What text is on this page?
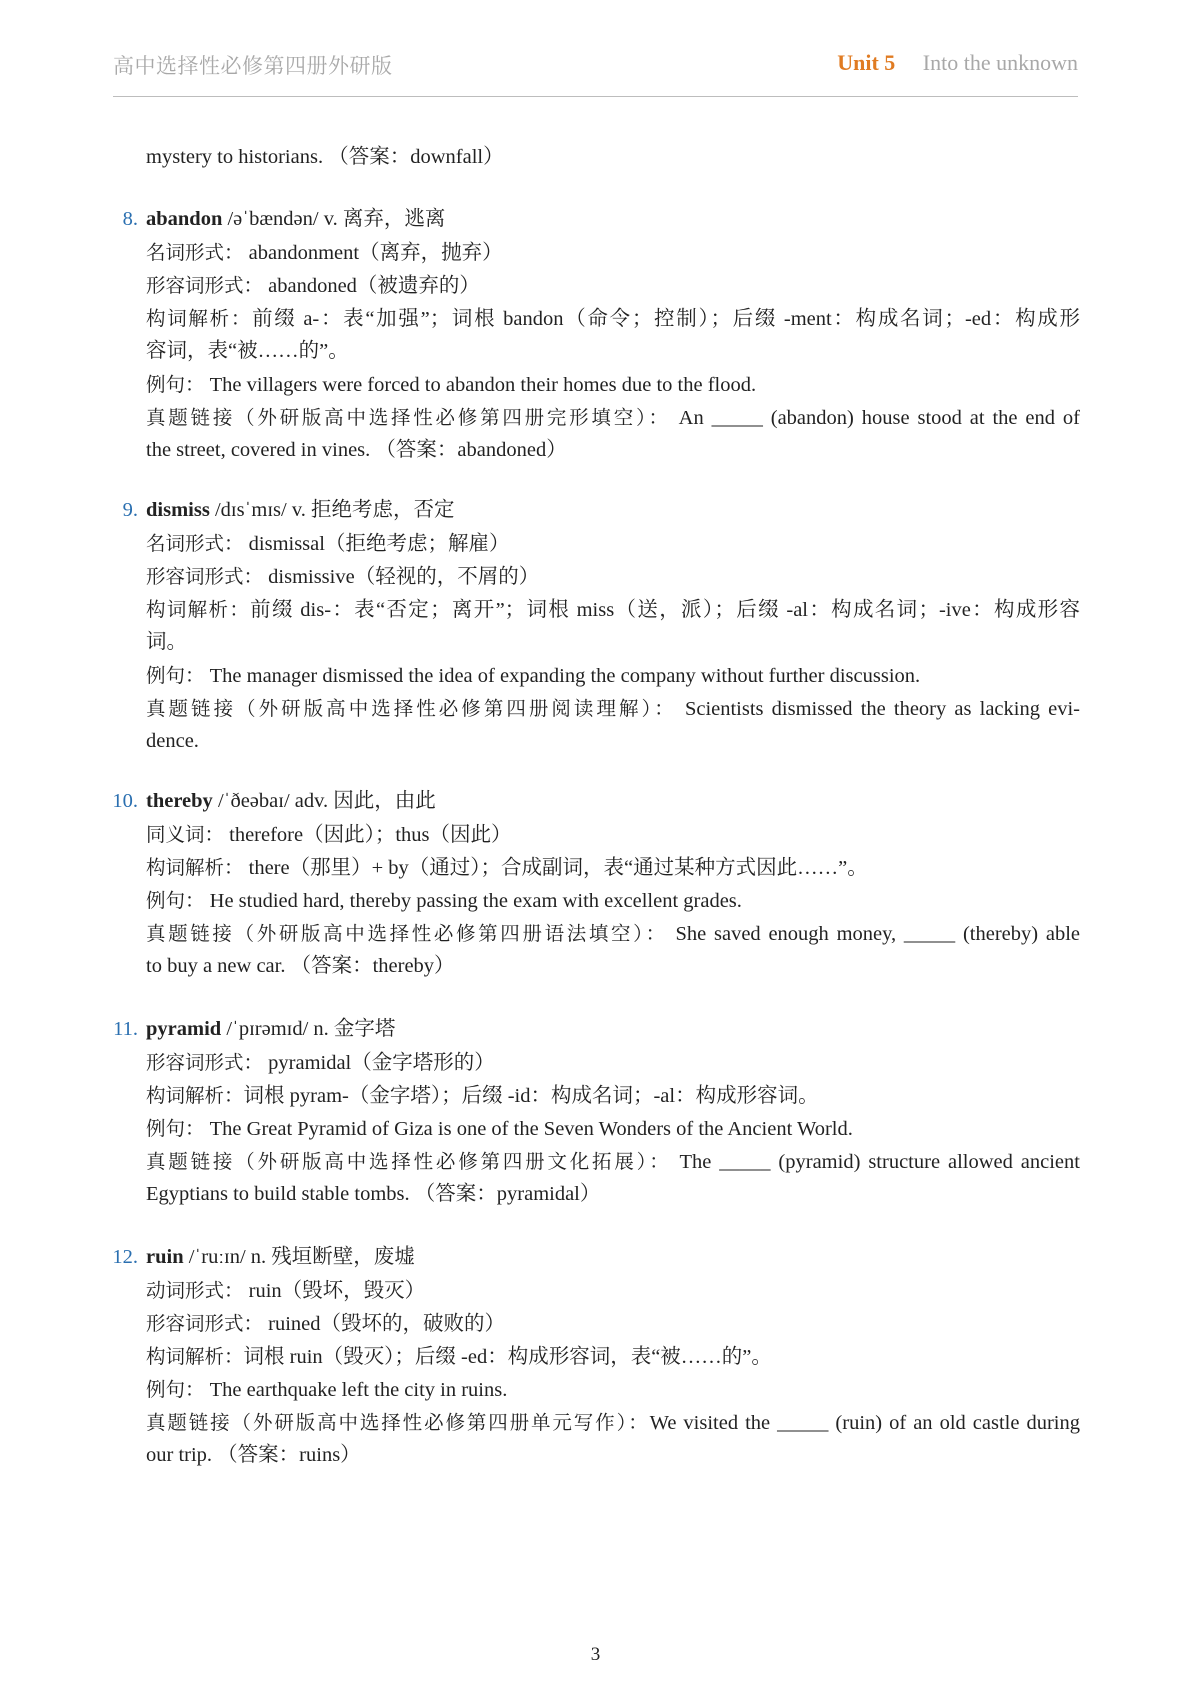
高中选择性必修第四册外研版	Unit 5 Into the unknown
mystery to historians. （答案：downfall）
8. abandon /əˈbændən/ v. 离弃，逃离
名词形式： abandonment（离弃，抛弃）
形容词形式： abandoned（被遗弃的）
构词解析：前缀 a-：表“加强”；词根 bandon（命令；控制）；后缀 -ment：构成名词；-ed：构成形
容词，表“被……的”。
例句： The villagers were forced to abandon their homes due to the flood.
真题链接（外研版高中选择性必修第四册完形填空）： An _____ (abandon) house stood at the end of
the street, covered in vines. （答案：abandoned）
9. dismiss /dɪsˈmɪs/ v. 拒绝考虑，否定
名词形式： dismissal（拒绝考虑；解雇）
形容词形式： dismissive（轻视的，不屑的）
构词解析：前缀 dis-：表“否定；离开”；词根 miss（送，派）；后缀 -al：构成名词；-ive：构成形容
词。
例句： The manager dismissed the idea of expanding the company without further discussion.
真题链接（外研版高中选择性必修第四册阅读理解）： Scientists dismissed the theory as lacking evi-
dence.
10. thereby /ˈðeəbaɪ/ adv. 因此，由此
同义词： therefore（因此）；thus（因此）
构词解析： there（那里）+ by（通过）；合成副词，表“通过某种方式因此……”。
例句： He studied hard, thereby passing the exam with excellent grades.
真题链接（外研版高中选择性必修第四册语法填空）： She saved enough money, _____ (thereby) able
to buy a new car. （答案：thereby）
11. pyramid /ˈpɪrəmɪd/ n. 金字塔
形容词形式： pyramidal（金字塔形的）
构词解析：词根 pyram-（金字塔）；后缀 -id：构成名词；-al：构成形容词。
例句： The Great Pyramid of Giza is one of the Seven Wonders of the Ancient World.
真题链接（外研版高中选择性必修第四册文化拓展）： The _____ (pyramid) structure allowed ancient
Egyptians to build stable tombs. （答案：pyramidal）
12. ruin /ˈruːɪn/ n. 残垣断壁，废墟
动词形式： ruin（毁坏，毁灭）
形容词形式： ruined（毁坏的，破败的）
构词解析：词根 ruin（毁灭）；后缀 -ed：构成形容词，表“被……的”。
例句： The earthquake left the city in ruins.
真题链接（外研版高中选择性必修第四册单元写作）：We visited the _____ (ruin) of an old castle during
our trip. （答案：ruins）
3
